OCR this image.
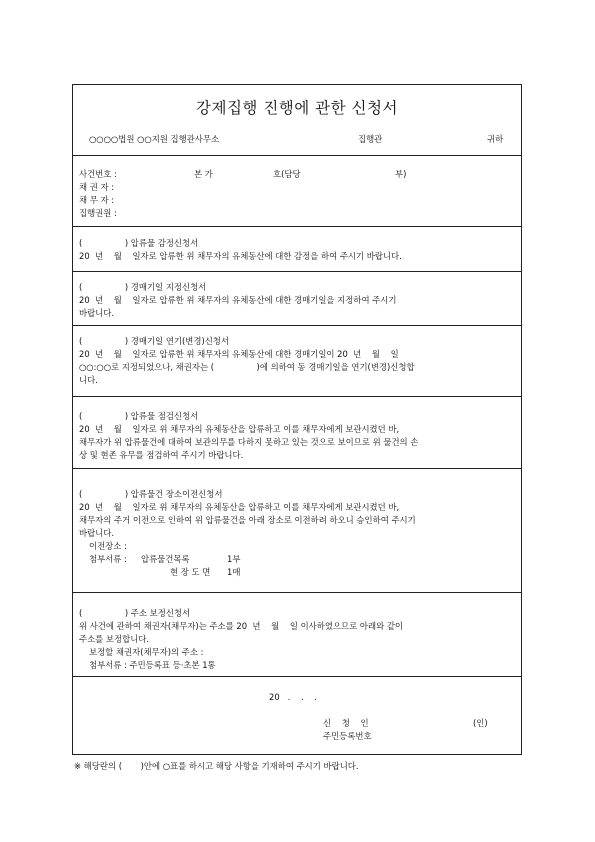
강제집행 진행에 관한 신청서
○○○○법원 ○○지원 집행관사무소	집행관	귀하
사건번호 :	본 가	호(담당	부)
채 권 자 :
채 무 자 :
집행권원 :
(                ) 압류물 감정신청서
20  년    월    일자로 압류한 위 채무자의 유체동산에 대한 감정을 하여 주시기 바랍니다.
(                ) 경매기일 지정신청서
20  년    월    일자로 압류한 위 채무자의 유체동산에 대한 경매기일을 지정하여 주시기
바랍니다.
(                ) 경매기일 연기(변경)신청서
20  년    월    일자로 압류한 위 채무자의 유체동산에 대한 경매기일이 20  년    월    일
○○:○○로 지정되었으나, 채권자는 (                )에 의하여 동 경매기일을 연기(변경)신청합
니다.
(                ) 압류물 점검신청서
20  년    월    일자로 위 채무자의 유체동산을 압류하고 이를 채무자에게 보관시켰던 바,
채무자가 위 압류물건에 대하여 보관의무를 다하지 못하고 있는 것으로 보이므로 위 물건의 손
상 및 현존 유무를 점검하여 주시기 바랍니다.
(                ) 압류물건 장소이전신청서
20  년    월    일자로 위 채무자의 유체동산을 압류하고 이를 채무자에게 보관시켰던 바,
채무자의 주거 이전으로 인하여 위 압류물건을 아래 장소로 이전하려 하오니 승인하여 주시기
바랍니다.
이전장소 :
첨부서류 : 압류물건목록	1부
현 장 도 면 1매
(                ) 주소 보정신청서
위 사건에 관하여 채권자(채무자)는 주소를 20  년    월    일 이사하였으므로 아래와 같이
주소를 보정합니다.
보정할 채권자(채무자)의 주소 :
첨부서류 : 주민등록표 등·초본 1통
20   .    .    .
신    청    인	(인)
주민등록번호
※ 해당란의 (       )안에 ○표를 하시고 해당 사항을 기재하여 주시기 바랍니다.
